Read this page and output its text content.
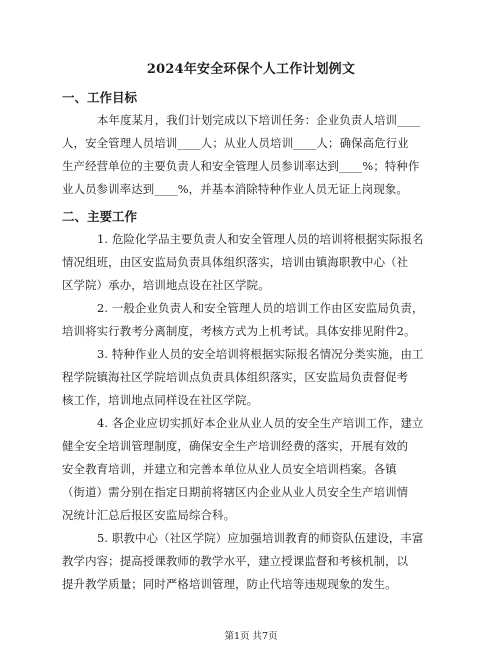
2024年安全环保个人工作计划例文
一、工作目标
本年度某月，我们计划完成以下培训任务：企业负责人培训____
人，安全管理人员培训____人；从业人员培训____人；确保高危行业
生产经营单位的主要负责人和安全管理人员参训率达到____%；特种作
业人员参训率达到____%，并基本消除特种作业人员无证上岗现象。
二、主要工作
1. 危险化学品主要负责人和安全管理人员的培训将根据实际报名
情况组班，由区安监局负责具体组织落实，培训由镇海职教中心（社
区学院）承办，培训地点设在社区学院。
2. 一般企业负责人和安全管理人员的培训工作由区安监局负责，
培训将实行教考分离制度，考核方式为上机考试。具体安排见附件2。
3. 特种作业人员的安全培训将根据实际报名情况分类实施，由工
程学院镇海社区学院培训点负责具体组织落实，区安监局负责督促考
核工作，培训地点同样设在社区学院。
4. 各企业应切实抓好本企业从业人员的安全生产培训工作，建立
健全安全培训管理制度，确保安全生产培训经费的落实，开展有效的
安全教育培训，并建立和完善本单位从业人员安全培训档案。各镇
（街道）需分别在指定日期前将辖区内企业从业人员安全生产培训情
况统计汇总后报区安监局综合科。
5. 职教中心（社区学院）应加强培训教育的师资队伍建设，丰富
教学内容；提高授课教师的教学水平，建立授课监督和考核机制，以
提升教学质量；同时严格培训管理，防止代培等违规现象的发生。
第1页 共7页
